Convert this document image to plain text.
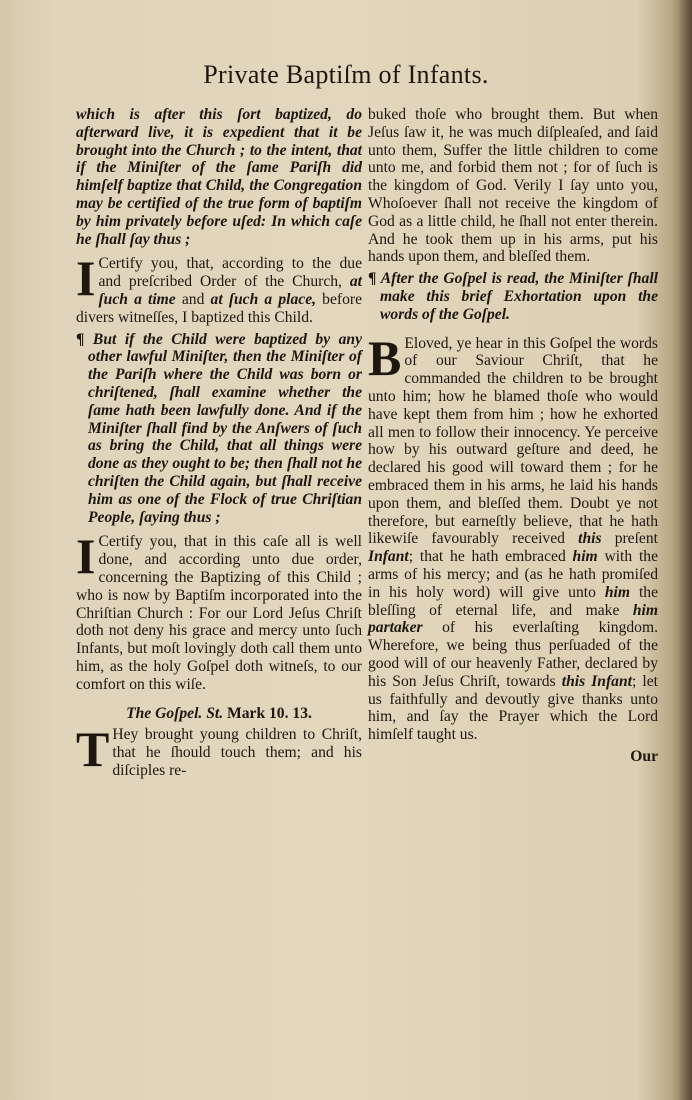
Private Baptiſm of Infants.

which is after this ſort baptized, do afterward live, it is expedient that it be brought into the Church ; to the intent, that if the Miniſter of the ſame Pariſh did himſelf baptize that Child, the Congregation may be certified of the true form of baptiſm by him privately before uſed: In which caſe he ſhall ſay thus ;

I Certify you, that, according to the due and preſcribed Order of the Church, at ſuch a time and at ſuch a place, before divers witneſſes, I baptized this Child.

¶ But if the Child were baptized by any other lawful Miniſter, then the Miniſter of the Pariſh where the Child was born or chriſtened, ſhall examine whether the ſame hath been lawfully done. And if the Miniſter ſhall find by the Anſwers of ſuch as bring the Child, that all things were done as they ought to be; then ſhall not he chriſten the Child again, but ſhall receive him as one of the Flock of true Chriſtian People, ſaying thus ;

I Certify you, that in this caſe all is well done, and according unto due order, concerning the Baptizing of this Child ; who is now by Baptiſm incorporated into the Chriſtian Church : For our Lord Jeſus Chriſt doth not deny his grace and mercy unto ſuch Infants, but moſt lovingly doth call them unto him, as the holy Goſpel doth witneſs, to our comfort on this wiſe.

The Goſpel. St. Mark 10. 13.

T Hey brought young children to Chriſt, that he ſhould touch them; and his diſciples re-

buked thoſe who brought them. But when Jeſus ſaw it, he was much diſpleaſed, and ſaid unto them, Suffer the little children to come unto me, and forbid them not ; for of ſuch is the kingdom of God. Verily I ſay unto you, Whoſoever ſhall not receive the kingdom of God as a little child, he ſhall not enter therein. And he took them up in his arms, put his hands upon them, and bleſſed them.

¶ After the Goſpel is read, the Miniſter ſhall make this brief Exhortation upon the words of the Goſpel.

B Eloved, ye hear in this Goſpel the words of our Saviour Chriſt, that he commanded the children to be brought unto him; how he blamed thoſe who would have kept them from him ; how he exhorted all men to follow their innocency. Ye perceive how by his outward geſture and deed, he declared his good will toward them ; for he embraced them in his arms, he laid his hands upon them, and bleſſed them. Doubt ye not therefore, but earneſtly believe, that he hath likewiſe favourably received this preſent Infant; that he hath embraced him with the arms of his mercy; and (as he hath promiſed in his holy word) will give unto him the bleſſing of eternal life, and make him partaker of his everlaſting kingdom. Wherefore, we being thus perſuaded of the good will of our heavenly Father, declared by his Son Jeſus Chriſt, towards this Infant; let us faithfully and devoutly give thanks unto him, and ſay the Prayer which the Lord himſelf taught us.

Our
